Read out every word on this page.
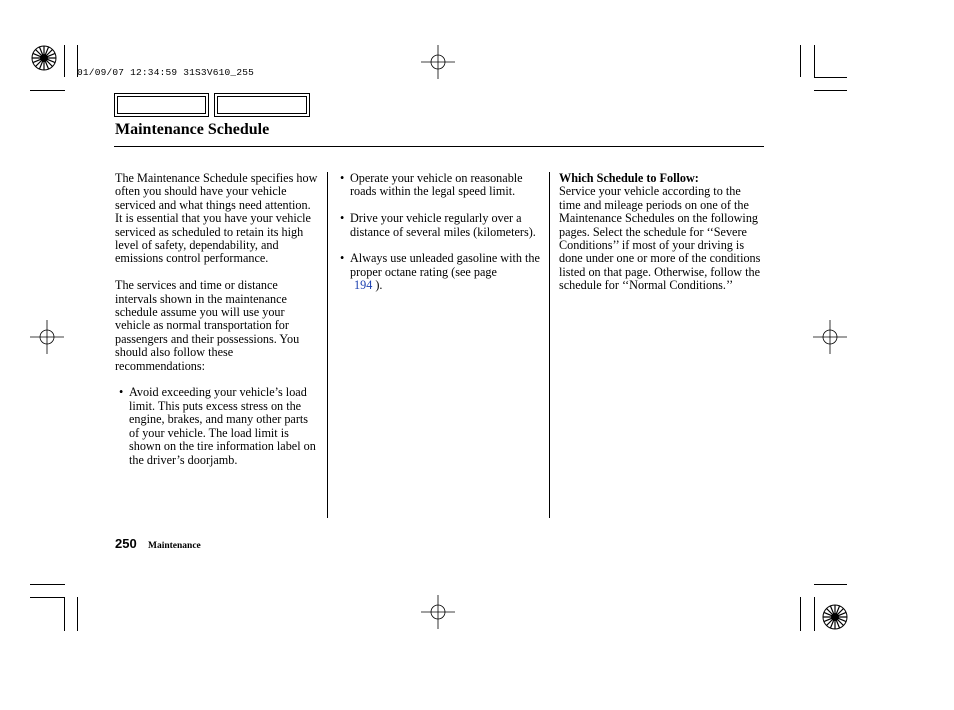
01/09/07 12:34:59 31S3V610_255
Maintenance Schedule

The Maintenance Schedule specifies how often you should have your vehicle serviced and what things need attention. It is essential that you have your vehicle serviced as scheduled to retain its high level of safety, dependability, and emissions control performance.

The services and time or distance intervals shown in the maintenance schedule assume you will use your vehicle as normal transportation for passengers and their possessions. You should also follow these recommendations:

• Avoid exceeding your vehicle’s load limit. This puts excess stress on the engine, brakes, and many other parts of your vehicle. The load limit is shown on the tire information label on the driver’s doorjamb.
• Operate your vehicle on reasonable roads within the legal speed limit.
• Drive your vehicle regularly over a distance of several miles (kilometers).
• Always use unleaded gasoline with the proper octane rating (see page
194 ).
Which Schedule to Follow:
Service your vehicle according to the time and mileage periods on one of the Maintenance Schedules on the following pages. Select the schedule for ‘‘Severe Conditions’’ if most of your driving is done under one or more of the conditions listed on that page. Otherwise, follow the schedule for ‘‘Normal Conditions.’’
250 Maintenance
